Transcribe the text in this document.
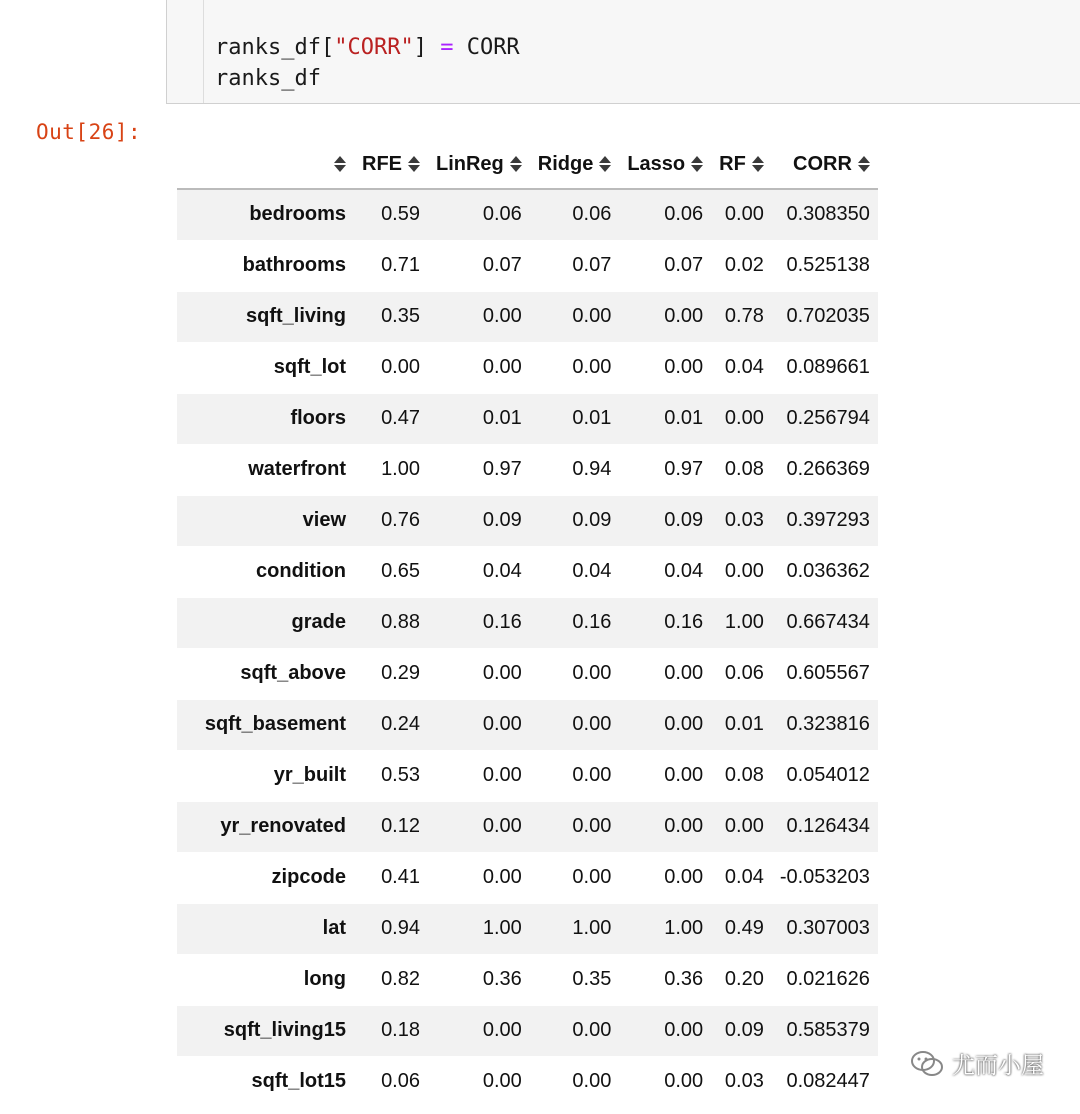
ranks_df["CORR"] = CORR
ranks_df
Out[26]:
	RFE	LinReg	Ridge	Lasso	RF	CORR
bedrooms	0.59	0.06	0.06	0.06	0.00	0.308350
bathrooms	0.71	0.07	0.07	0.07	0.02	0.525138
sqft_living	0.35	0.00	0.00	0.00	0.78	0.702035
sqft_lot	0.00	0.00	0.00	0.00	0.04	0.089661
floors	0.47	0.01	0.01	0.01	0.00	0.256794
waterfront	1.00	0.97	0.94	0.97	0.08	0.266369
view	0.76	0.09	0.09	0.09	0.03	0.397293
condition	0.65	0.04	0.04	0.04	0.00	0.036362
grade	0.88	0.16	0.16	0.16	1.00	0.667434
sqft_above	0.29	0.00	0.00	0.00	0.06	0.605567
sqft_basement	0.24	0.00	0.00	0.00	0.01	0.323816
yr_built	0.53	0.00	0.00	0.00	0.08	0.054012
yr_renovated	0.12	0.00	0.00	0.00	0.00	0.126434
zipcode	0.41	0.00	0.00	0.00	0.04	-0.053203
lat	0.94	1.00	1.00	1.00	0.49	0.307003
long	0.82	0.36	0.35	0.36	0.20	0.021626
sqft_living15	0.18	0.00	0.00	0.00	0.09	0.585379
sqft_lot15	0.06	0.00	0.00	0.00	0.03	0.082447
尤而小屋
